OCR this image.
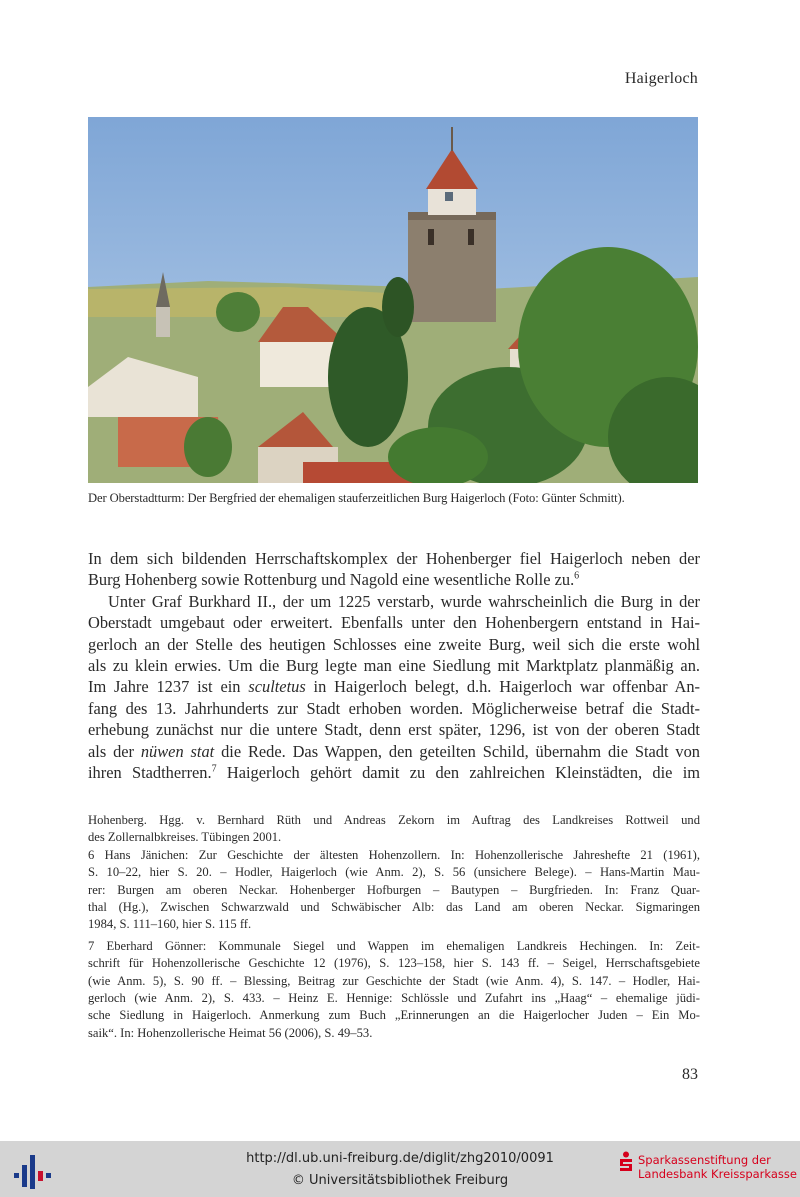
Haigerloch
Der Oberstadtturm: Der Bergfried der ehemaligen stauferzeitlichen Burg Haigerloch (Foto: Günter Schmitt).
In dem sich bildenden Herrschaftskomplex der Hohenberger fiel Haigerloch neben der
Burg Hohenberg sowie Rottenburg und Nagold eine wesentliche Rolle zu.$^6$
Unter Graf Burkhard II., der um 1225 verstarb, wurde wahrscheinlich die Burg in der
Oberstadt umgebaut oder erweitert. Ebenfalls unter den Hohenbergern entstand in Hai-
gerloch an der Stelle des heutigen Schlosses eine zweite Burg, weil sich die erste wohl
als zu klein erwies. Um die Burg legte man eine Siedlung mit Marktplatz planmäßig an.
Im Jahre 1237 ist ein scultetus in Haigerloch belegt, d.h. Haigerloch war offenbar An-
fang des 13. Jahrhunderts zur Stadt erhoben worden. Möglicherweise betraf die Stadt-
erhebung zunächst nur die untere Stadt, denn erst später, 1296, ist von der oberen Stadt
als der nüwen stat die Rede. Das Wappen, den geteilten Schild, übernahm die Stadt von
ihren Stadtherren.$^7$ Haigerloch gehört damit zu den zahlreichen Kleinstädten, die im
Hohenberg. Hgg. v. Bernhard Rüth und Andreas Zekorn im Auftrag des Landkreises Rottweil und
des Zollernalbkreises. Tübingen 2001.
6 Hans Jänichen: Zur Geschichte der ältesten Hohenzollern. In: Hohenzollerische Jahreshefte 21 (1961),
S. 10–22, hier S. 20. – Hodler, Haigerloch (wie Anm. 2), S. 56 (unsichere Belege). – Hans-Martin Mau-
rer: Burgen am oberen Neckar. Hohenberger Hofburgen – Bautypen – Burgfrieden. In: Franz Quar-
thal (Hg.), Zwischen Schwarzwald und Schwäbischer Alb: das Land am oberen Neckar. Sigmaringen
1984, S. 111–160, hier S. 115 ff.
7 Eberhard Gönner: Kommunale Siegel und Wappen im ehemaligen Landkreis Hechingen. In: Zeit-
schrift für Hohenzollerische Geschichte 12 (1976), S. 123–158, hier S. 143 ff. – Seigel, Herrschaftsgebiete
(wie Anm. 5), S. 90 ff. – Blessing, Beitrag zur Geschichte der Stadt (wie Anm. 4), S. 147. – Hodler, Hai-
gerloch (wie Anm. 2), S. 433. – Heinz E. Hennige: Schlössle und Zufahrt ins „Haag“ – ehemalige jüdi-
sche Siedlung in Haigerloch. Anmerkung zum Buch „Erinnerungen an die Haigerlocher Juden – Ein Mo-
saik“. In: Hohenzollerische Heimat 56 (2006), S. 49–53.
83
http://dl.ub.uni-freiburg.de/diglit/zhg2010/0091
© Universitätsbibliothek Freiburg
Sparkassenstiftung der
Landesbank Kreissparkasse
